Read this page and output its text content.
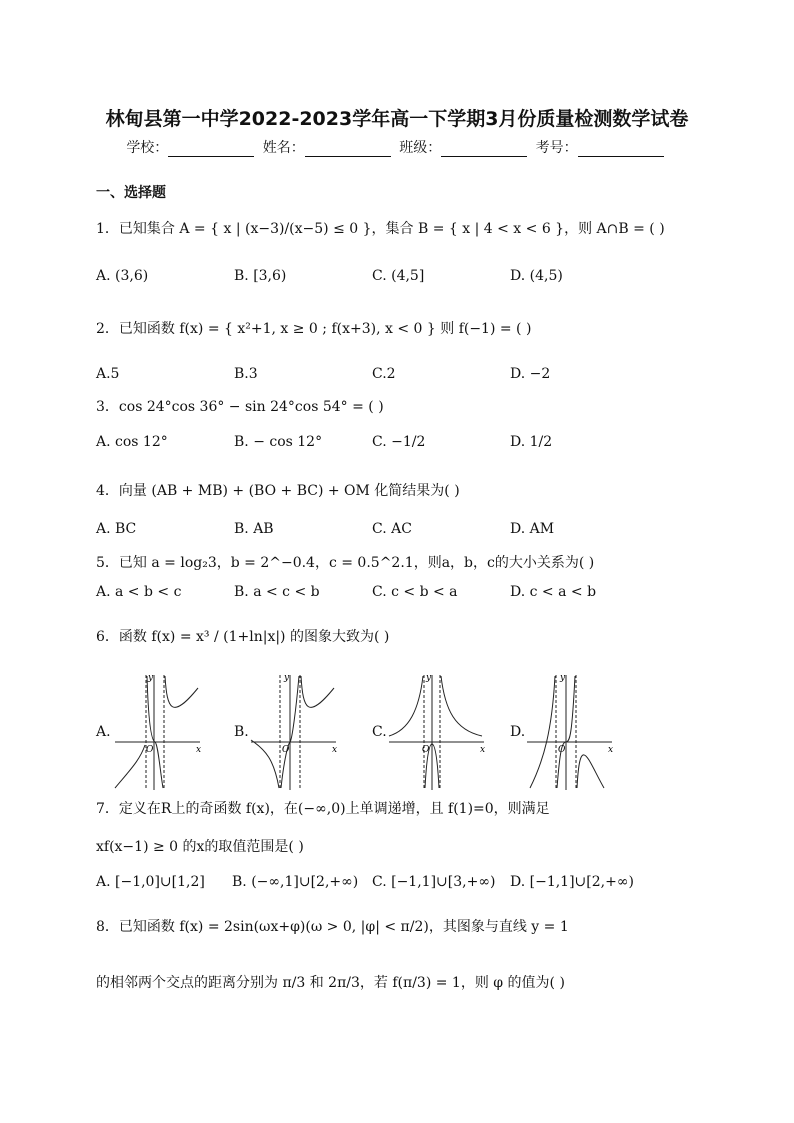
林甸县第一中学2022-2023学年高一下学期3月份质量检测数学试卷
学校：	姓名：	班级：	考号：
一、选择题
1．已知集合 A = { x | (x−3)/(x−5) ≤ 0 }，集合 B = { x | 4 < x < 6 }，则 A∩B = ( )
A. (3,6)	B. [3,6)	C. (4,5]	D. (4,5)
2．已知函数 f(x) = { x²+1, x ≥ 0 ; f(x+3), x < 0 } 则 f(−1) = ( )
A.5	B.3	C.2	D. −2
3．cos 24°cos 36° − sin 24°cos 54° = ( )
A. cos 12°	B. − cos 12°	C. −1/2	D. 1/2
4．向量 (AB + MB) + (BO + BC) + OM 化简结果为( )
A. BC	B. AB	C. AC	D. AM
5．已知 a = log₂3，b = 2^−0.4，c = 0.5^2.1，则a，b，c的大小关系为( )
A. a < b < c	B. a < c < b	C. c < b < a	D. c < a < b
6．函数 f(x) = x³ / (1+ln|x|) 的图象大致为( )
A.	B.	C.	D.
y
x
O
y
x
O
y
x
O
y
x
O
7．定义在R上的奇函数 f(x)，在(−∞,0)上单调递增，且 f(1)=0，则满足
xf(x−1) ≥ 0 的x的取值范围是( )
A. [−1,0]∪[1,2] B. (−∞,1]∪[2,+∞) C. [−1,1]∪[3,+∞) D. [−1,1]∪[2,+∞)
8．已知函数 f(x) = 2sin(ωx+φ)(ω > 0, |φ| < π/2)，其图象与直线 y = 1
的相邻两个交点的距离分别为 π/3 和 2π/3，若 f(π/3) = 1，则 φ 的值为( )
